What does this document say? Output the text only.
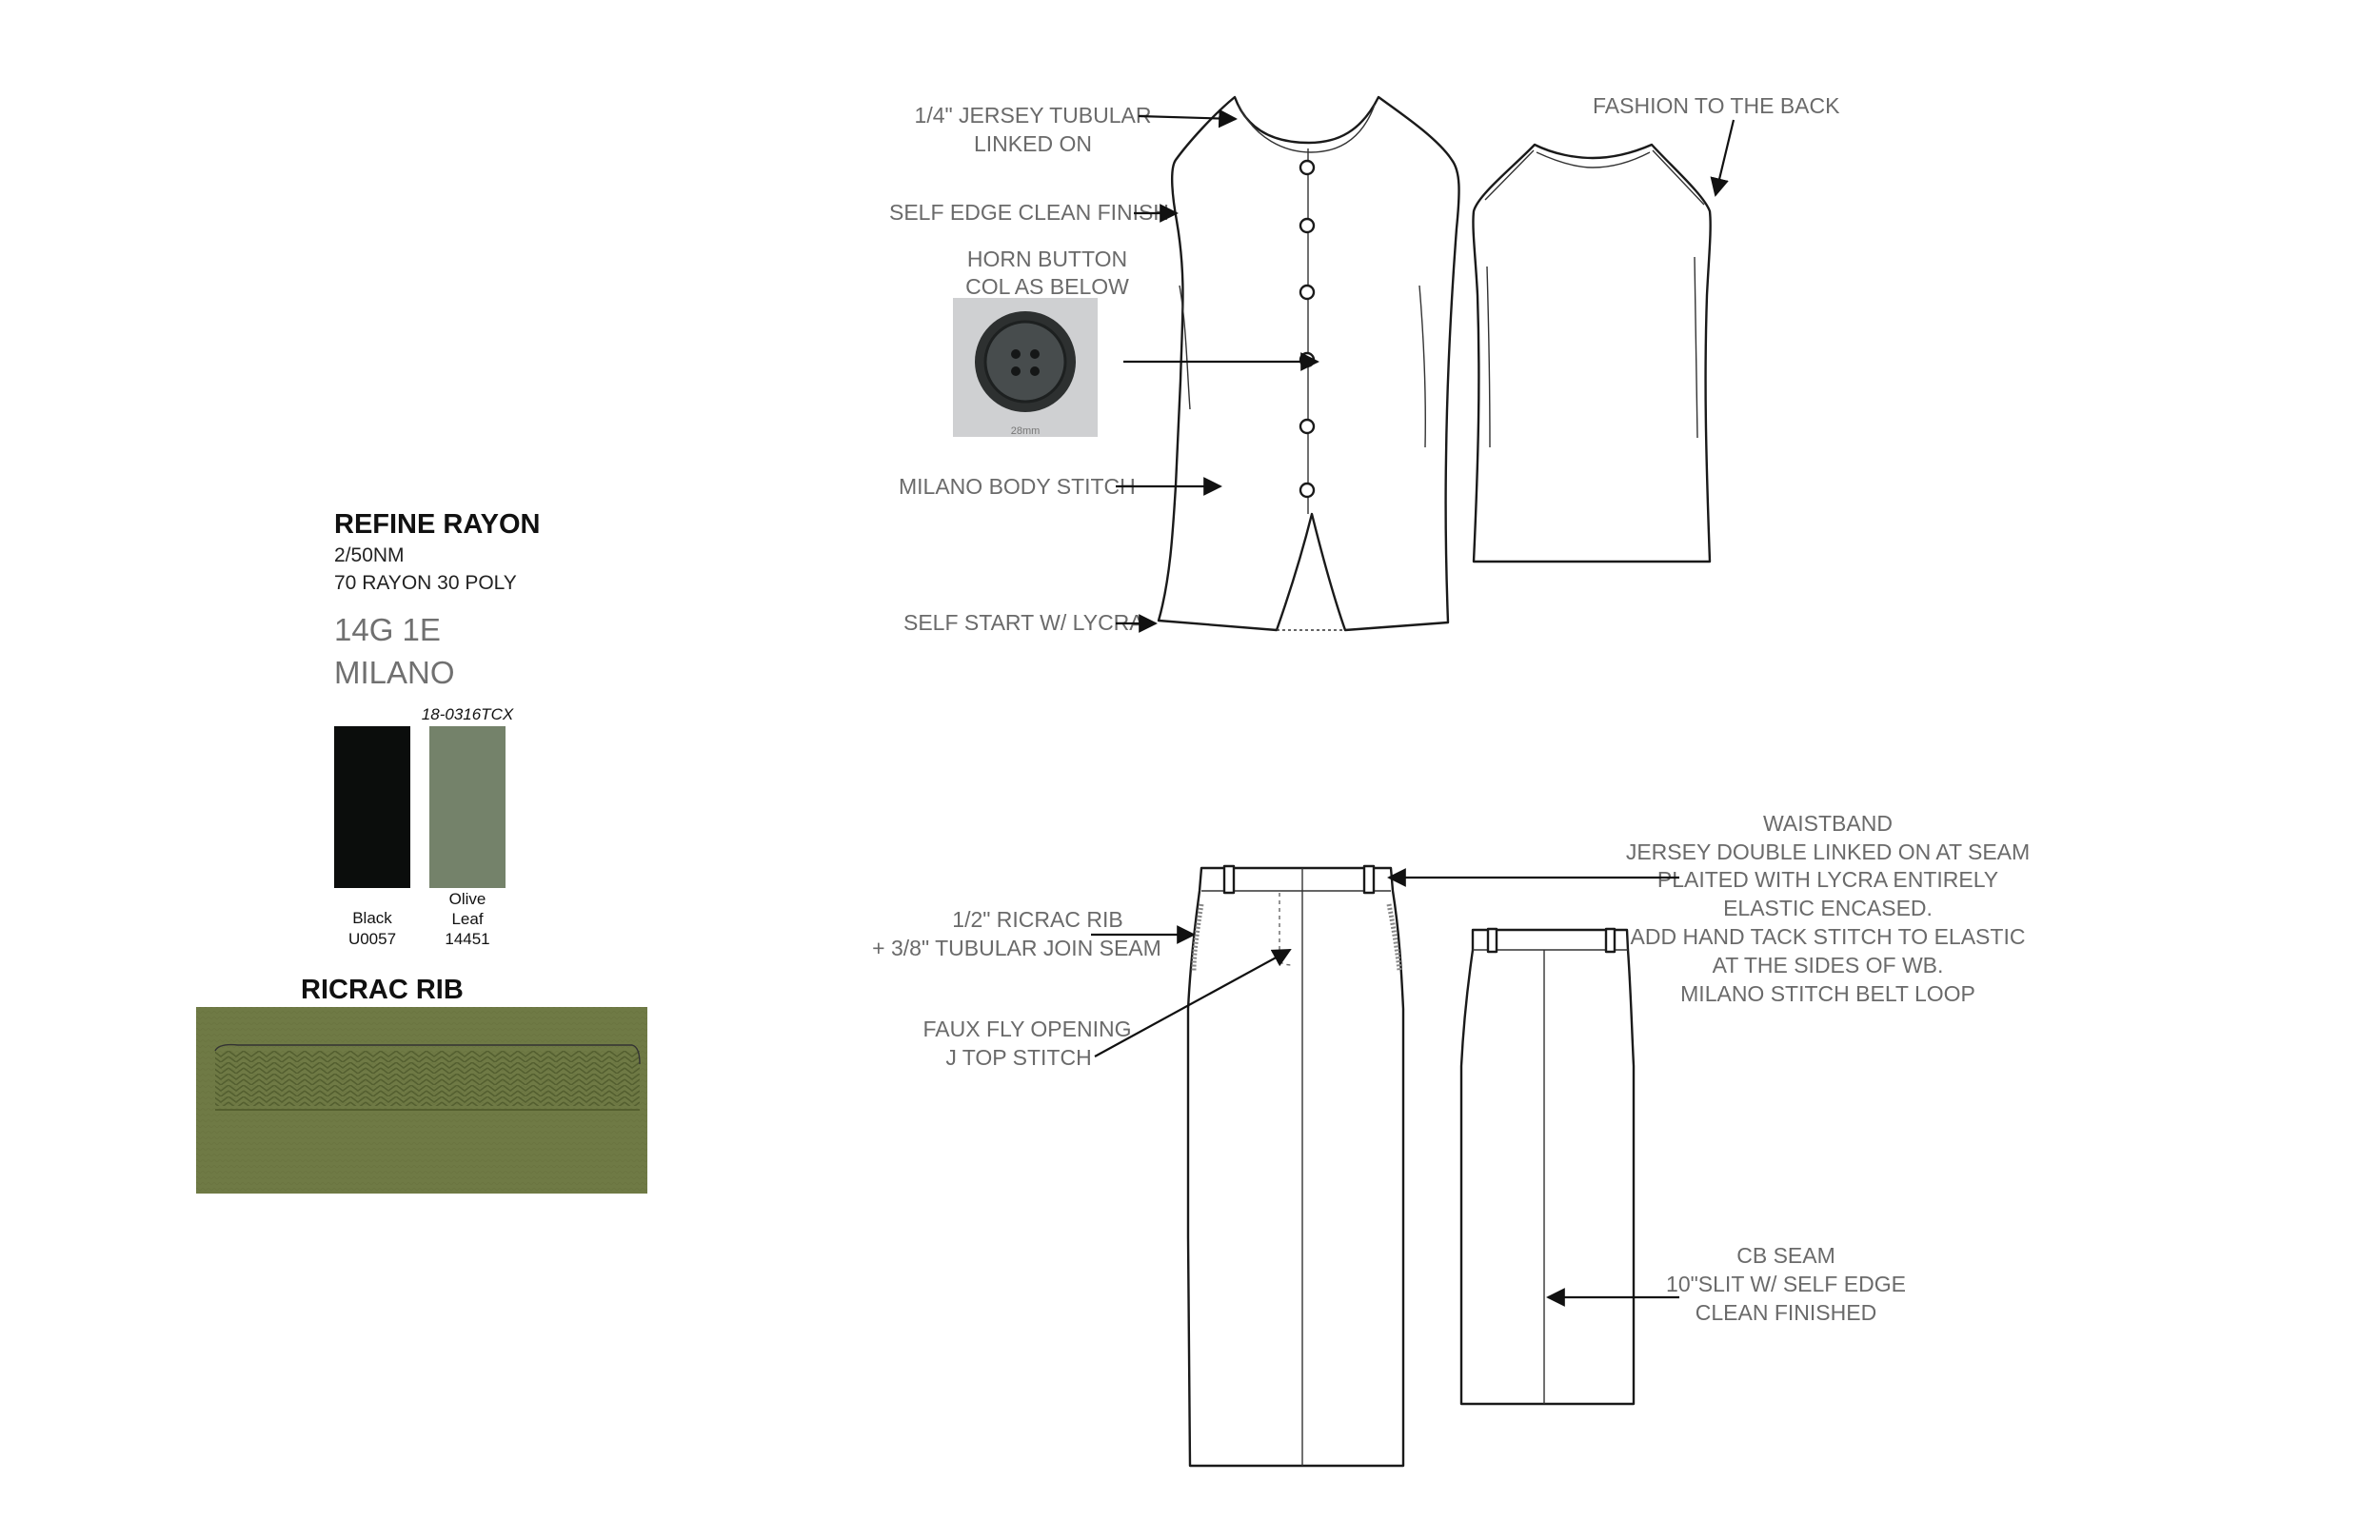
REFINE RAYON
2/50NM
70 RAYON 30 POLY
14G 1E
MILANO
Black
U0057
18-0316TCX
Olive
Leaf
14451
RICRAC RIB
28mm
1/4" JERSEY TUBULAR
LINKED ON
SELF EDGE CLEAN FINISH
HORN BUTTON
COL AS BELOW
MILANO BODY STITCH
SELF START W/ LYCRA
FASHION TO THE BACK
1/2" RICRAC RIB
+ 3/8" TUBULAR JOIN SEAM
FAUX FLY OPENING
J TOP STITCH
WAISTBAND
JERSEY DOUBLE LINKED ON AT SEAM
PLAITED WITH LYCRA ENTIRELY
ELASTIC ENCASED.
ADD HAND TACK STITCH TO ELASTIC
AT THE SIDES OF WB.
MILANO STITCH BELT LOOP
CB SEAM
10"SLIT W/ SELF EDGE
CLEAN FINISHED
